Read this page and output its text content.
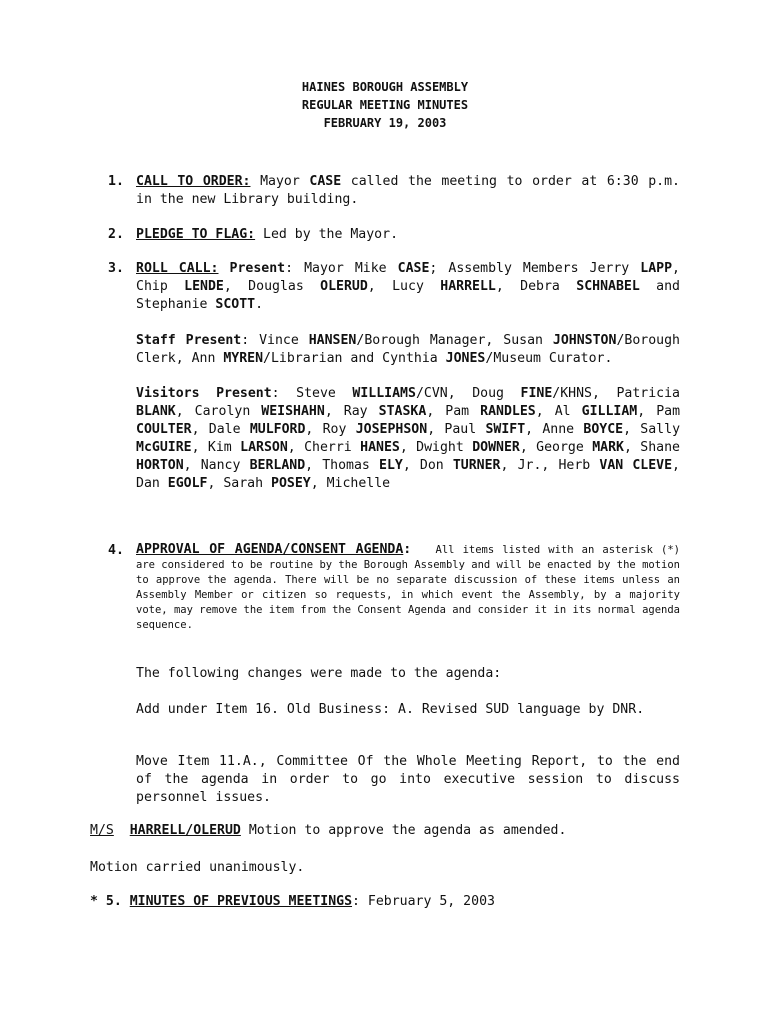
HAINES BOROUGH ASSEMBLY
REGULAR MEETING MINUTES
FEBRUARY 19, 2003
1. CALL TO ORDER: Mayor CASE called the meeting to order at 6:30 p.m. in the new Library building.

2. PLEDGE TO FLAG: Led by the Mayor.

3. ROLL CALL: Present: Mayor Mike CASE; Assembly Members Jerry LAPP, Chip LENDE, Douglas OLERUD, Lucy HARRELL, Debra SCHNABEL and Stephanie SCOTT.

Staff Present: Vince HANSEN/Borough Manager, Susan JOHNSTON/Borough Clerk, Ann MYREN/Librarian and Cynthia JONES/Museum Curator.

Visitors Present: Steve WILLIAMS/CVN, Doug FINE/KHNS, Patricia BLANK, Carolyn WEISHAHN, Ray STASKA, Pam RANDLES, Al GILLIAM, Pam COULTER, Dale MULFORD, Roy JOSEPHSON, Paul SWIFT, Anne BOYCE, Sally McGUIRE, Kim LARSON, Cherri HANES, Dwight DOWNER, George MARK, Shane HORTON, Nancy BERLAND, Thomas ELY, Don TURNER, Jr., Herb VAN CLEVE, Dan EGOLF, Sarah POSEY, Michelle

4. APPROVAL OF AGENDA/CONSENT AGENDA: All items listed with an asterisk (*) are considered to be routine by the Borough Assembly and will be enacted by the motion to approve the agenda. There will be no separate discussion of these items unless an Assembly Member or citizen so requests, in which event the Assembly, by a majority vote, may remove the item from the Consent Agenda and consider it in its normal agenda sequence.

The following changes were made to the agenda:

Add under Item 16. Old Business: A. Revised SUD language by DNR.

Move Item 11.A., Committee Of the Whole Meeting Report, to the end of the agenda in order to go into executive session to discuss personnel issues.

M/S HARRELL/OLERUD Motion to approve the agenda as amended.
Motion carried unanimously.
* 5. MINUTES OF PREVIOUS MEETINGS: February 5, 2003
